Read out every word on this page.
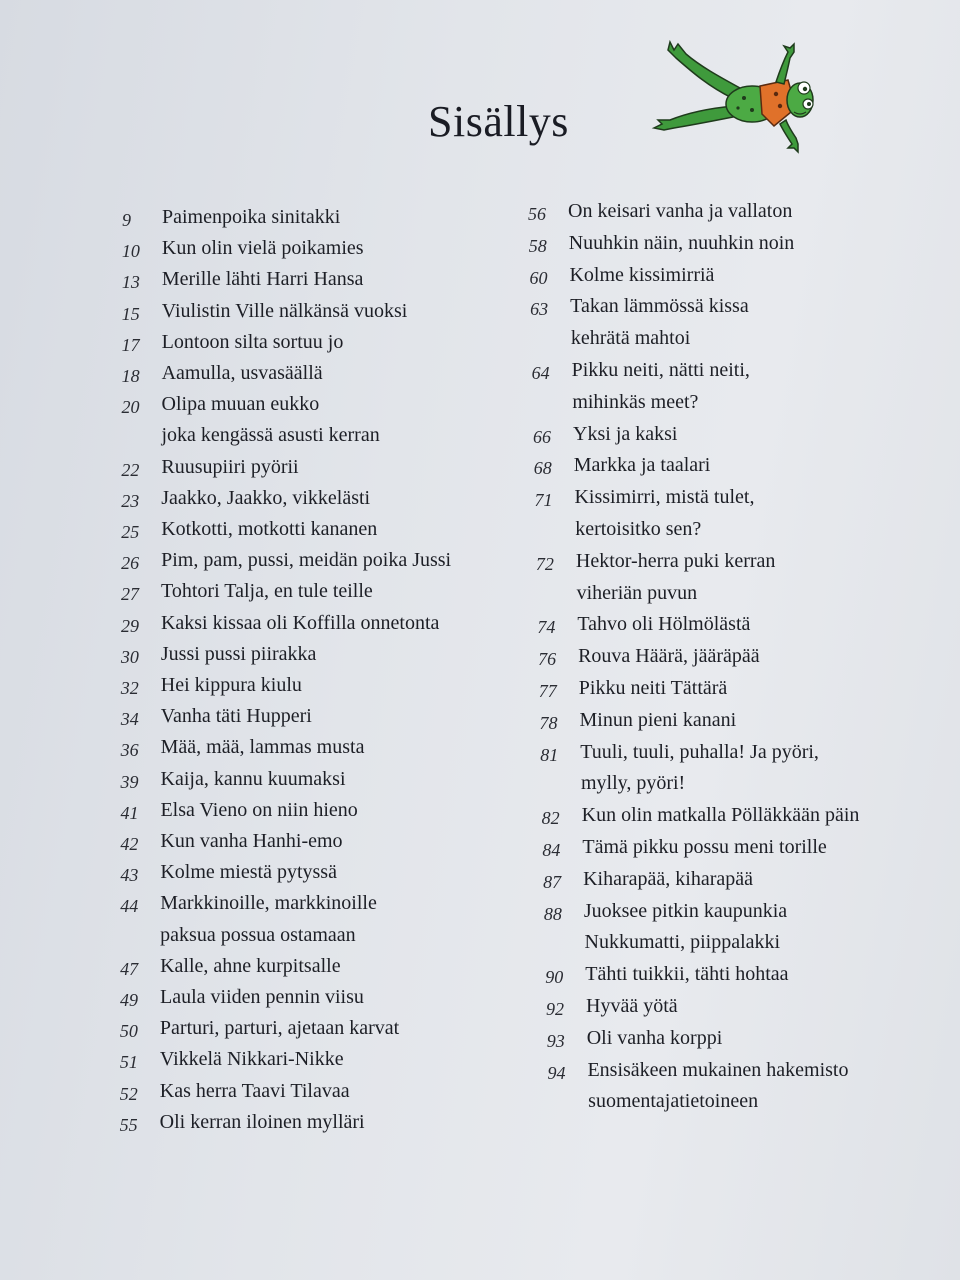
Sisällys
9 Paimenpoika sinitakki
10 Kun olin vielä poikamies
13 Merille lähti Harri Hansa
15 Viulistin Ville nälkänsä vuoksi
17 Lontoon silta sortuu jo
18 Aamulla, usvasäällä
20 Olipa muuan eukko
joka kengässä asusti kerran
22 Ruusupiiri pyörii
23 Jaakko, Jaakko, vikkelästi
25 Kotkotti, motkotti kananen
26 Pim, pam, pussi, meidän poika Jussi
27 Tohtori Talja, en tule teille
29 Kaksi kissaa oli Koffilla onnetonta
30 Jussi pussi piirakka
32 Hei kippura kiulu
34 Vanha täti Hupperi
36 Mää, mää, lammas musta
39 Kaija, kannu kuumaksi
41 Elsa Vieno on niin hieno
42 Kun vanha Hanhi-emo
43 Kolme miestä pytyssä
44 Markkinoille, markkinoille
paksua possua ostamaan
47 Kalle, ahne kurpitsalle
49 Laula viiden pennin viisu
50 Parturi, parturi, ajetaan karvat
51 Vikkelä Nikkari-Nikke
52 Kas herra Taavi Tilavaa
55 Oli kerran iloinen mylläri
56 On keisari vanha ja vallaton
58 Nuuhkin näin, nuuhkin noin
60 Kolme kissimirriä
63 Takan lämmössä kissa
kehrätä mahtoi
64 Pikku neiti, nätti neiti,
mihinkäs meet?
66 Yksi ja kaksi
68 Markka ja taalari
71 Kissimirri, mistä tulet,
kertoisitko sen?
72 Hektor-herra puki kerran
viheriän puvun
74 Tahvo oli Hölmölästä
76 Rouva Häärä, jääräpää
77 Pikku neiti Tättärä
78 Minun pieni kanani
81 Tuuli, tuuli, puhalla! Ja pyöri,
mylly, pyöri!
82 Kun olin matkalla Pölläkkään päin
84 Tämä pikku possu meni torille
87 Kiharapää, kiharapää
88 Juoksee pitkin kaupunkia
Nukkumatti, piippalakki
90 Tähti tuikkii, tähti hohtaa
92 Hyvää yötä
93 Oli vanha korppi
94 Ensisäkeen mukainen hakemisto
suomentajatietoineen
